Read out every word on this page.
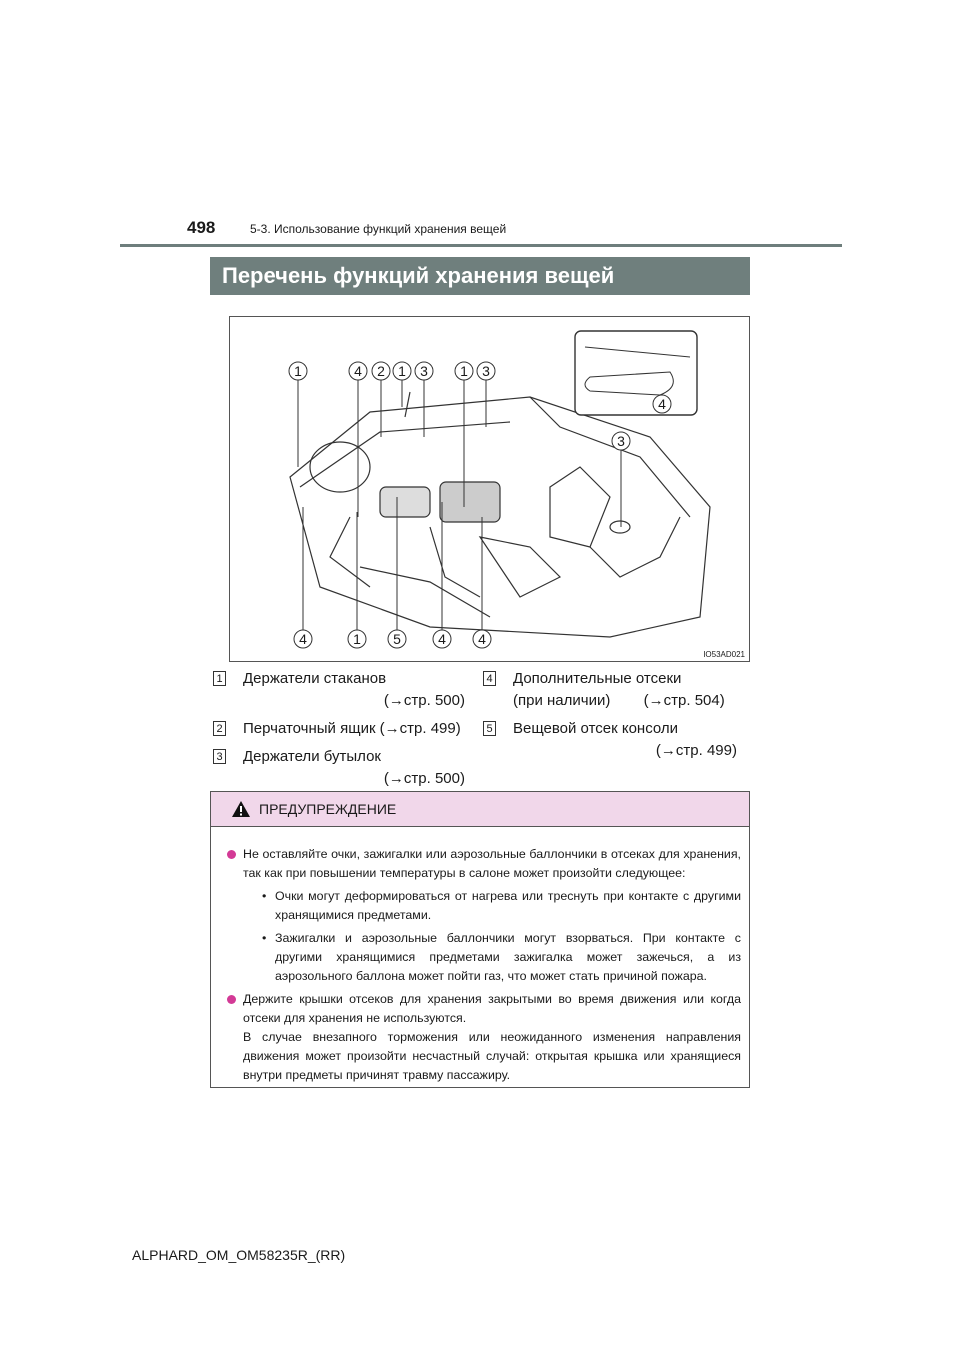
498	5-3. Использование функций хранения вещей
Перечень функций хранения вещей
1	4 2 1 3 1 3
3
4
4	1 5	4 4
IO53AD021
1 Держатели стаканов
(→стр. 500)
2 Перчаточный ящик (→стр. 499)
3 Держатели бутылок
(→стр. 500)
4 Дополнительные отсеки
(при наличии)        (→стр. 504)
5 Вещевой отсек консоли
(→стр. 499)
ПРЕДУПРЕЖДЕНИЕ
Не оставляйте очки, зажигалки или аэрозольные баллончики в отсеках для хранения, так как при повышении температуры в салоне может произойти следующее:
• Очки могут деформироваться от нагрева или треснуть при контакте с другими хранящимися предметами.
• Зажигалки и аэрозольные баллончики могут взорваться. При контакте с другими хранящимися предметами зажигалка может зажечься, а из аэрозольного баллона может пойти газ, что может стать причиной пожара.
Держите крышки отсеков для хранения закрытыми во время движения или когда отсеки для хранения не используются.
В случае внезапного торможения или неожиданного изменения направления движения может произойти несчастный случай: открытая крышка или хранящиеся внутри предметы причинят травму пассажиру.
ALPHARD_OM_OM58235R_(RR)
